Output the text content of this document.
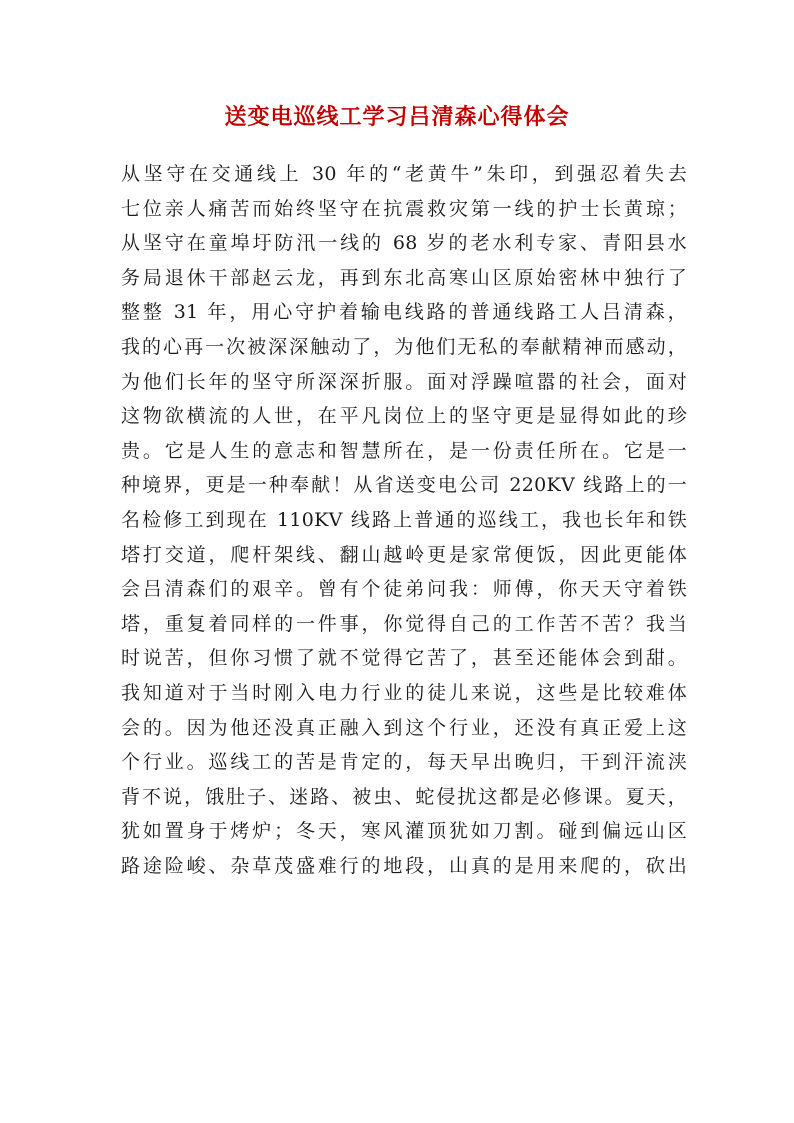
送变电巡线工学习吕清森心得体会
从坚守在交通线上 30 年的“老黄牛”朱印，到强忍着失去
七位亲人痛苦而始终坚守在抗震救灾第一线的护士长黄琼；
从坚守在童埠圩防汛一线的 68 岁的老水利专家、青阳县水
务局退休干部赵云龙，再到东北高寒山区原始密林中独行了
整整 31 年，用心守护着输电线路的普通线路工人吕清森，
我的心再一次被深深触动了，为他们无私的奉献精神而感动，
为他们长年的坚守所深深折服。面对浮躁喧嚣的社会，面对
这物欲横流的人世，在平凡岗位上的坚守更是显得如此的珍
贵。它是人生的意志和智慧所在，是一份责任所在。它是一
种境界，更是一种奉献！从省送变电公司 220KV 线路上的一
名检修工到现在 110KV 线路上普通的巡线工，我也长年和铁
塔打交道，爬杆架线、翻山越岭更是家常便饭，因此更能体
会吕清森们的艰辛。曾有个徒弟问我：师傅，你天天守着铁
塔，重复着同样的一件事，你觉得自己的工作苦不苦？我当
时说苦，但你习惯了就不觉得它苦了，甚至还能体会到甜。
我知道对于当时刚入电力行业的徒儿来说，这些是比较难体
会的。因为他还没真正融入到这个行业，还没有真正爱上这
个行业。巡线工的苦是肯定的，每天早出晚归，干到汗流浃
背不说，饿肚子、迷路、被虫、蛇侵扰这都是必修课。夏天，
犹如置身于烤炉；冬天，寒风灌顶犹如刀割。碰到偏远山区
路途险峻、杂草茂盛难行的地段，山真的是用来爬的，砍出
